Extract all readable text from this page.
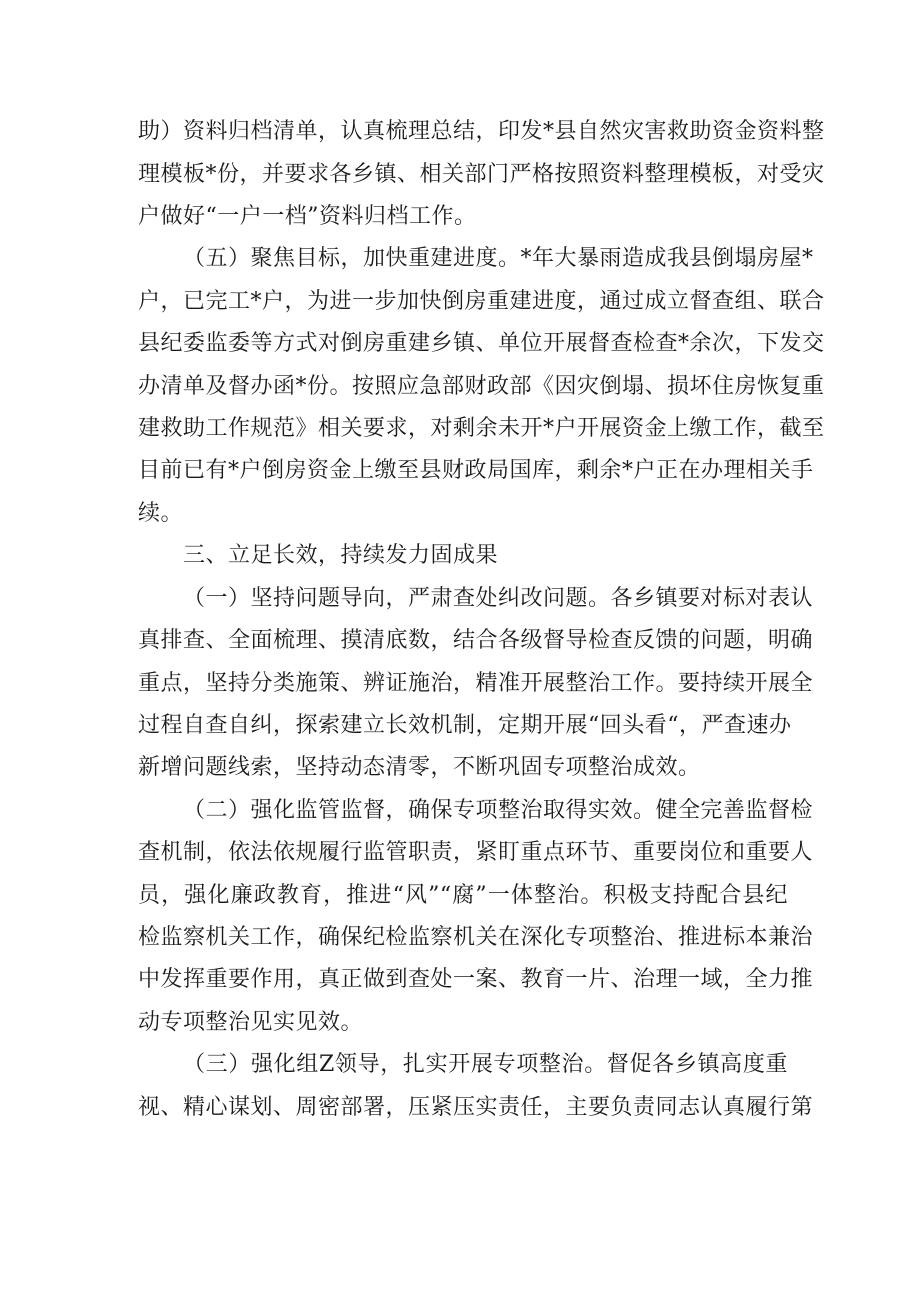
助）资料归档清单，认真梳理总结，印发*县自然灾害救助资金资料整
理模板*份，并要求各乡镇、相关部门严格按照资料整理模板，对受灾
户做好“一户一档”资料归档工作。
（五）聚焦目标，加快重建进度。*年大暴雨造成我县倒塌房屋*
户，已完工*户，为进一步加快倒房重建进度，通过成立督查组、联合
县纪委监委等方式对倒房重建乡镇、单位开展督查检查*余次，下发交
办清单及督办函*份。按照应急部财政部《因灾倒塌、损坏住房恢复重
建救助工作规范》相关要求，对剩余未开*户开展资金上缴工作，截至
目前已有*户倒房资金上缴至县财政局国库，剩余*户正在办理相关手
续。
三、立足长效，持续发力固成果
（一）坚持问题导向，严肃查处纠改问题。各乡镇要对标对表认
真排查、全面梳理、摸清底数，结合各级督导检查反馈的问题，明确
重点，坚持分类施策、辨证施治，精准开展整治工作。要持续开展全
过程自查自纠，探索建立长效机制，定期开展“回头看“，严查速办
新增问题线索，坚持动态清零，不断巩固专项整治成效。
（二）强化监管监督，确保专项整治取得实效。健全完善监督检
查机制，依法依规履行监管职责，紧盯重点环节、重要岗位和重要人
员，强化廉政教育，推进“风”“腐”一体整治。积极支持配合县纪
检监察机关工作，确保纪检监察机关在深化专项整治、推进标本兼治
中发挥重要作用，真正做到查处一案、教育一片、治理一域，全力推
动专项整治见实见效。
（三）强化组Z领导，扎实开展专项整治。督促各乡镇高度重
视、精心谋划、周密部署，压紧压实责任，主要负责同志认真履行第
